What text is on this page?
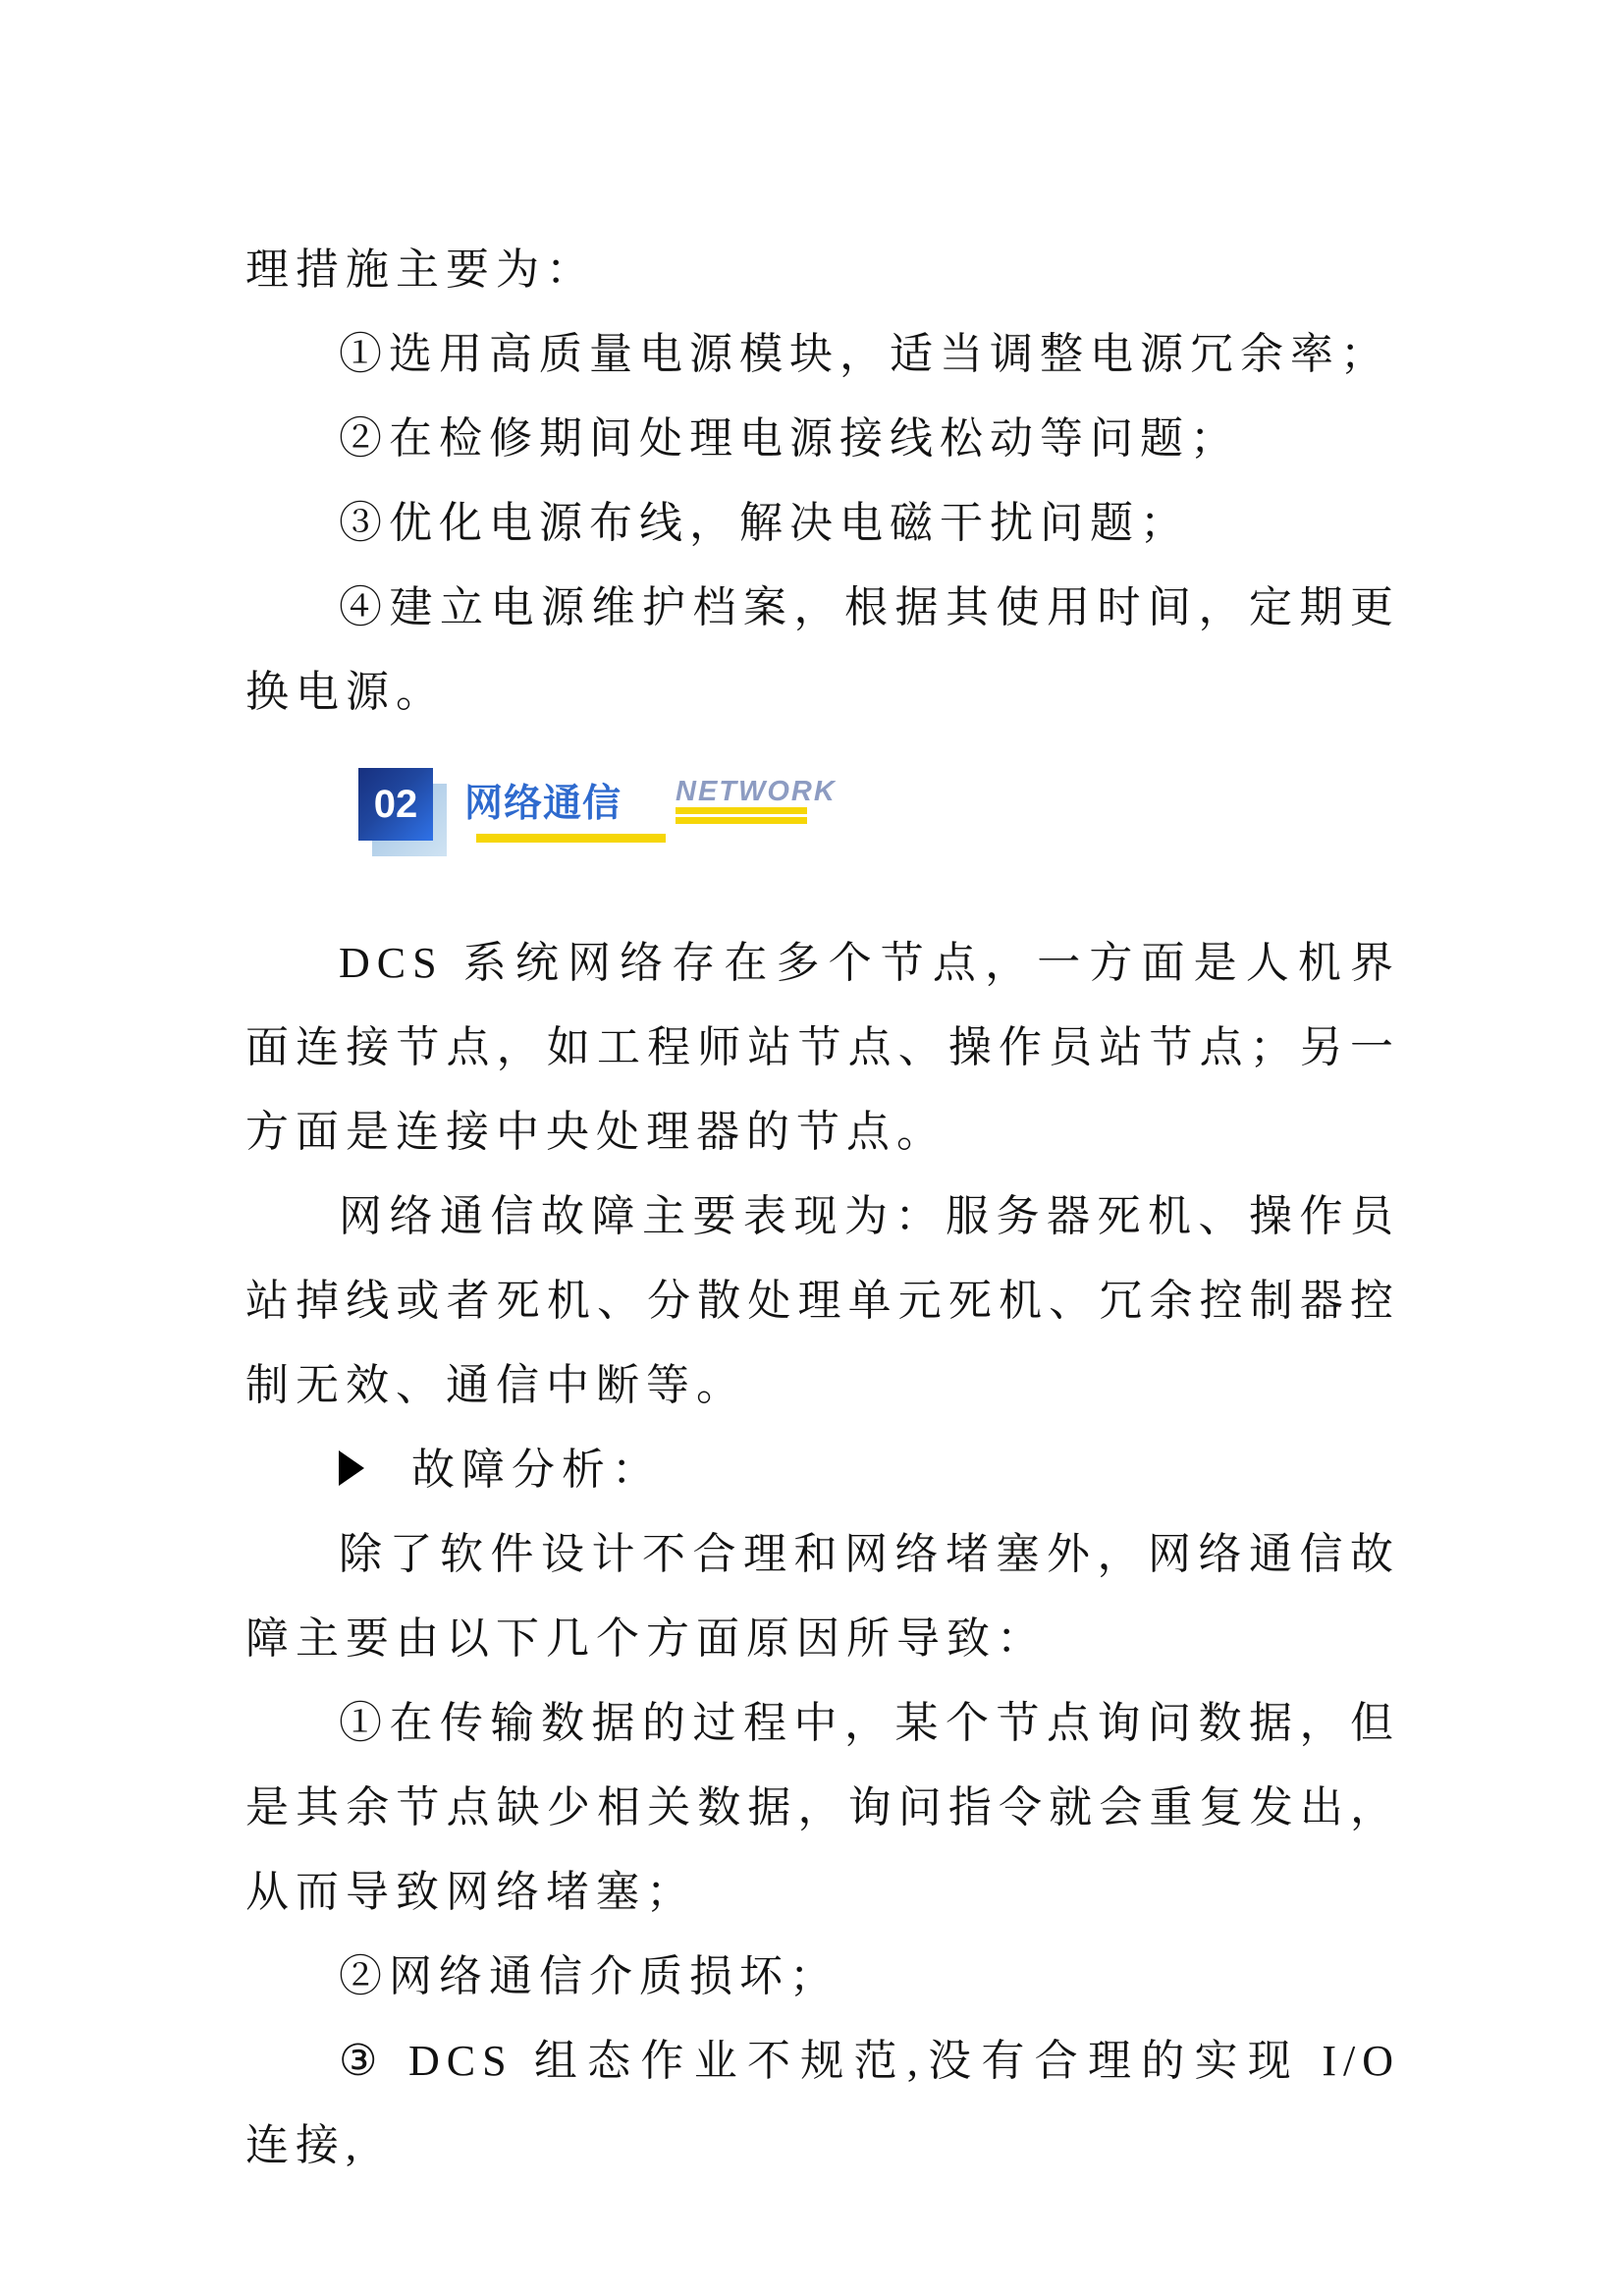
理措施主要为：

①选用高质量电源模块，适当调整电源冗余率；

②在检修期间处理电源接线松动等问题；

③优化电源布线，解决电磁干扰问题；

④建立电源维护档案，根据其使用时间，定期更换电源。

02	网络通信	NETWORK

DCS 系统网络存在多个节点，一方面是人机界面连接节点，如工程师站节点、操作员站节点；另一方面是连接中央处理器的节点。

网络通信故障主要表现为：服务器死机、操作员站掉线或者死机、分散处理单元死机、冗余控制器控制无效、通信中断等。

故障分析：

除了软件设计不合理和网络堵塞外，网络通信故障主要由以下几个方面原因所导致：

①在传输数据的过程中，某个节点询问数据，但是其余节点缺少相关数据，询问指令就会重复发出，从而导致网络堵塞；

②网络通信介质损坏；

③ DCS 组态作业不规范,没有合理的实现 I/O 连接,
